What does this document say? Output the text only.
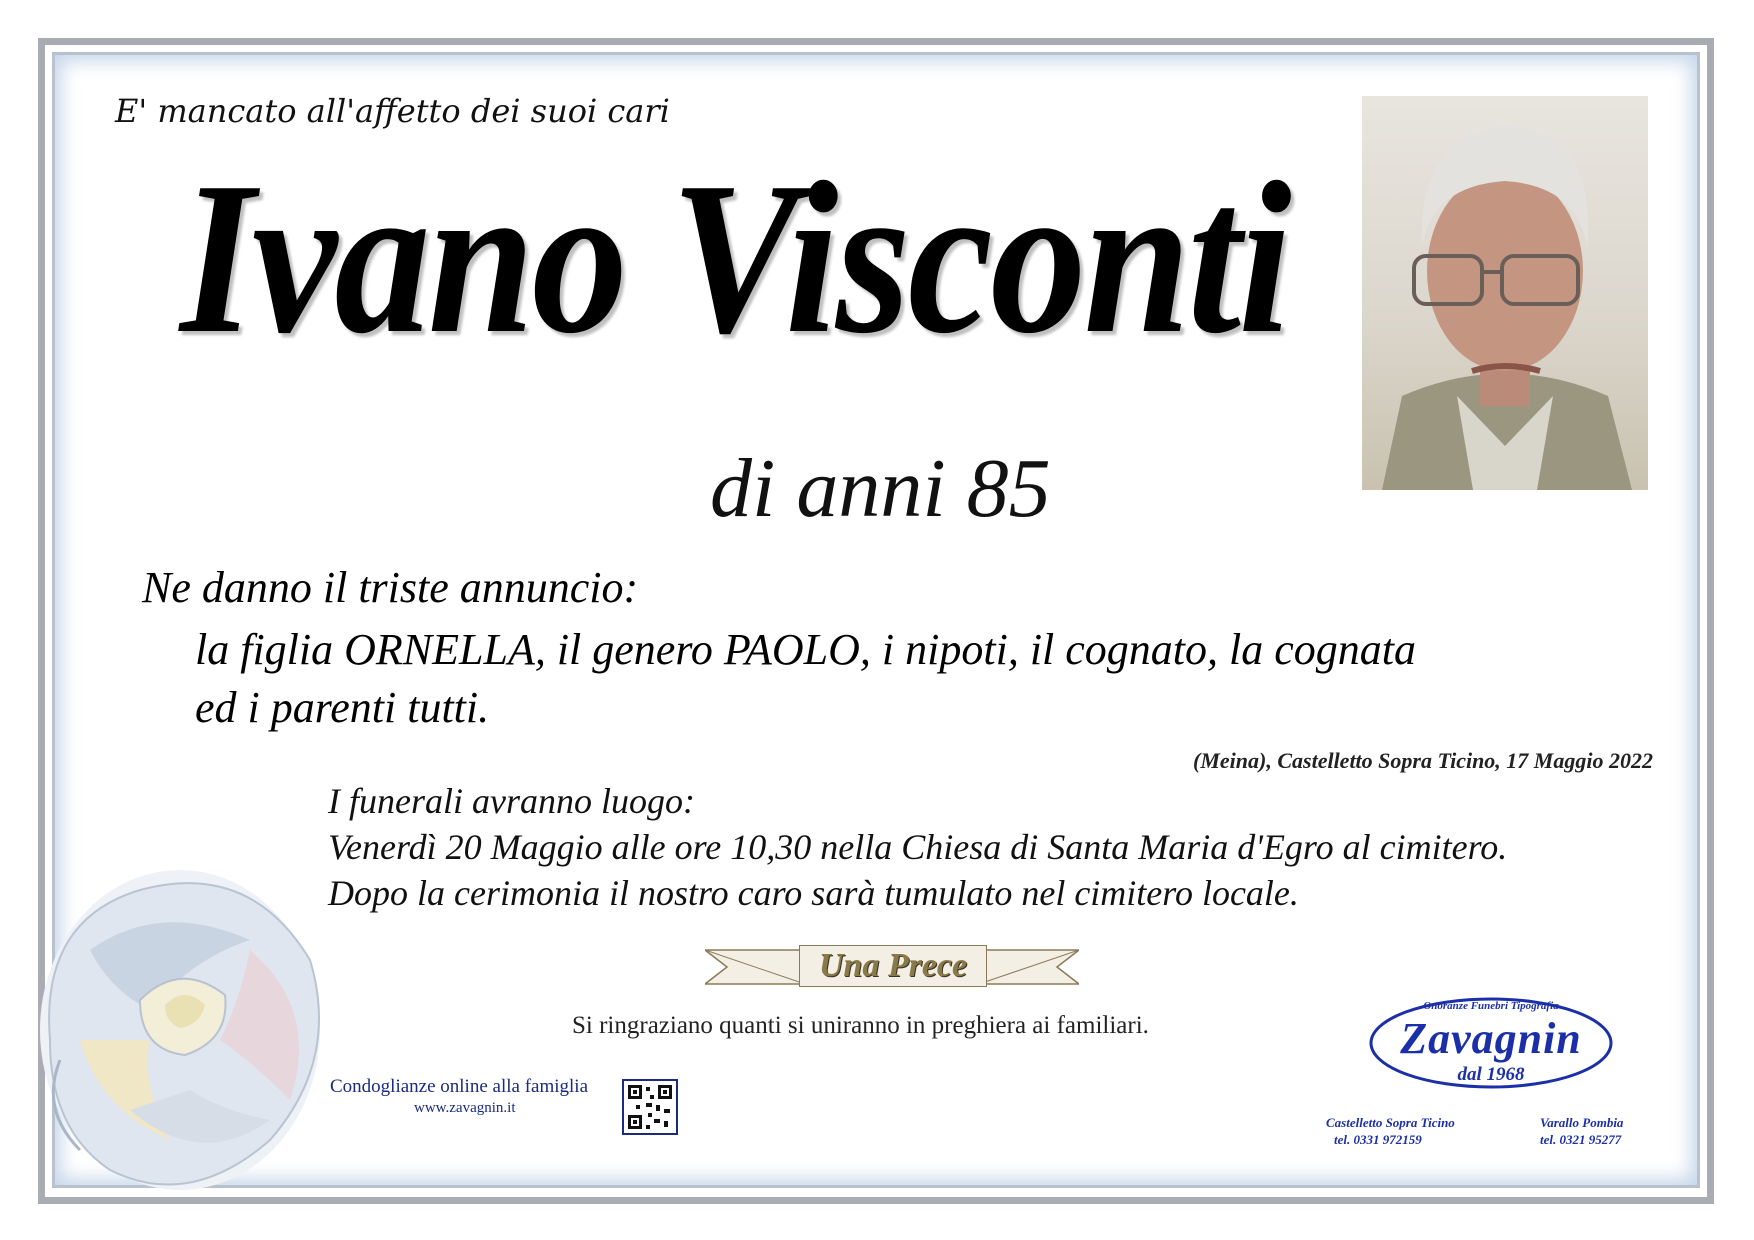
E' mancato all'affetto dei suoi cari
Ivano Visconti
di anni 85
Ne danno il triste annuncio:
la figlia ORNELLA, il genero PAOLO, i nipoti, il cognato, la cognata
ed i parenti tutti.
(Meina), Castelletto Sopra Ticino, 17 Maggio 2022
I funerali avranno luogo:
Venerdì 20 Maggio alle ore 10,30 nella Chiesa di Santa Maria d'Egro al cimitero.
Dopo la cerimonia il nostro caro sarà tumulato nel cimitero locale.
Una Prece
Si ringraziano quanti si uniranno in preghiera ai familiari.
Condoglianze online alla famiglia
www.zavagnin.it
Onoranze Funebri Tipografia
Zavagnin
dal 1968
Castelletto Sopra Ticino
tel. 0331 972159
Varallo Pombia
tel. 0321 95277
